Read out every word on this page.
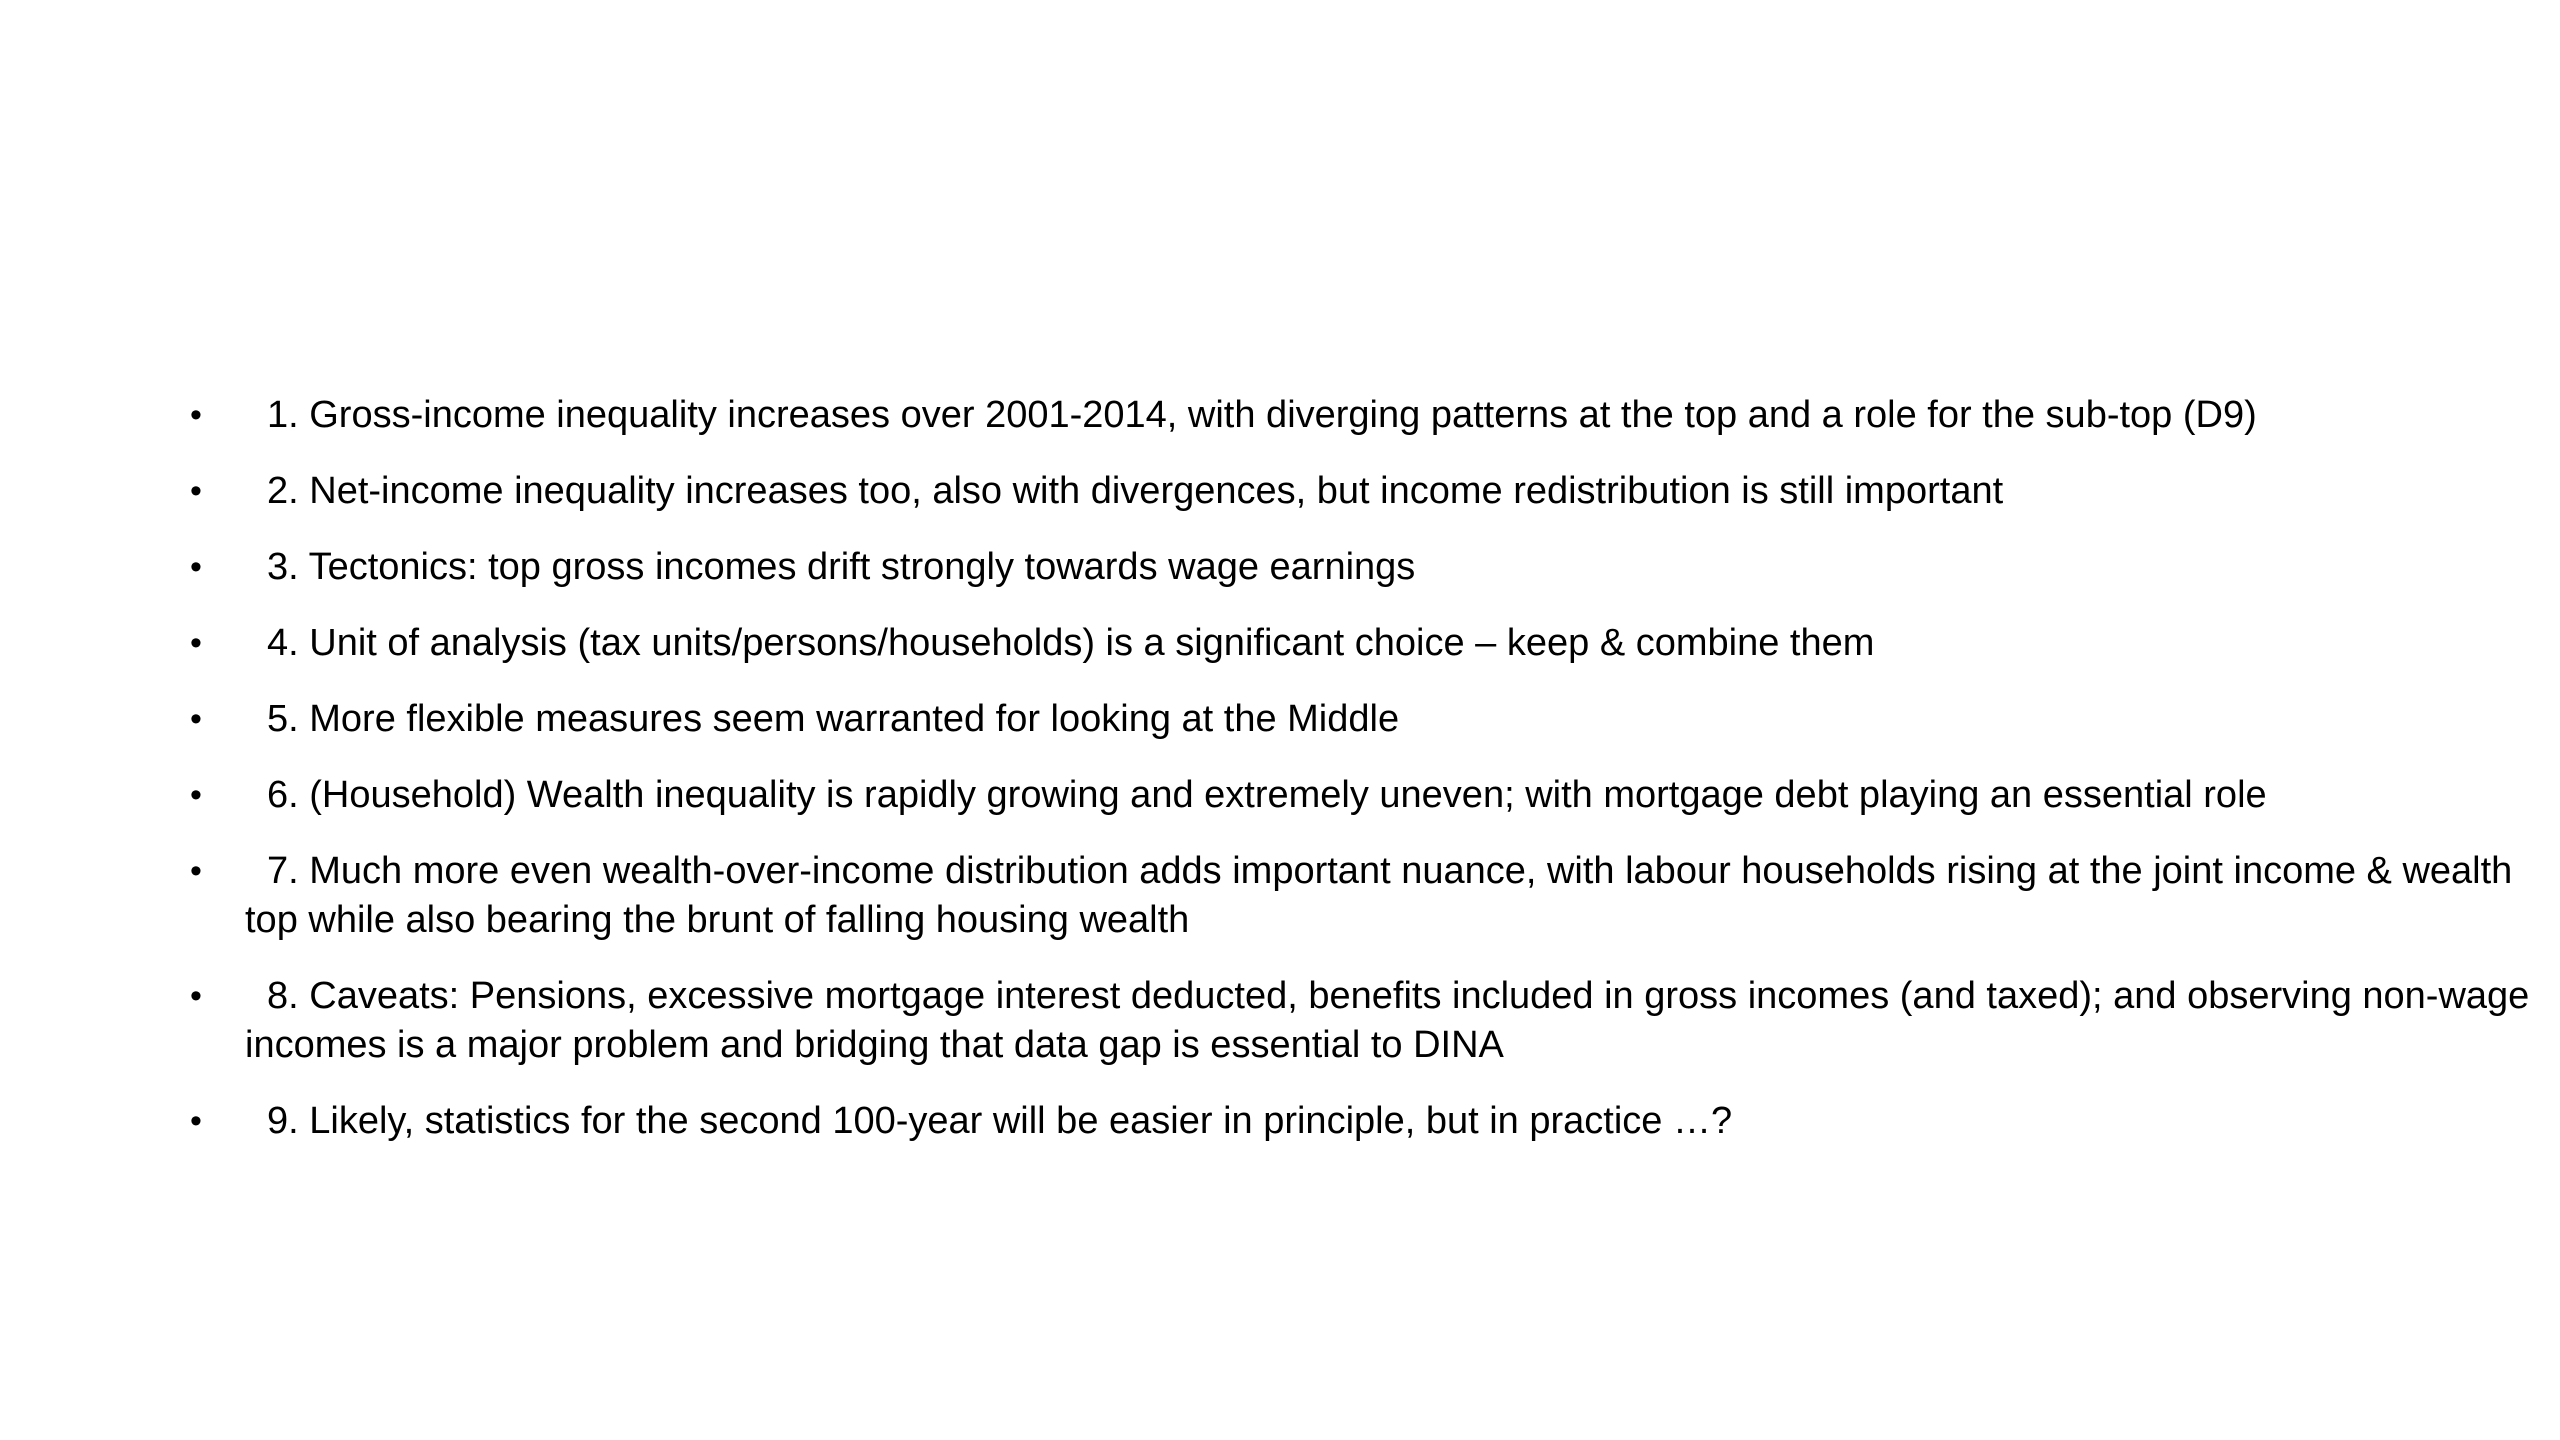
•	1. Gross-income inequality increases over 2001-2014, with diverging patterns at the top and a role for the sub-top (D9)
•	2. Net-income inequality increases too, also with divergences, but income redistribution is still important
•	3. Tectonics: top gross incomes drift strongly towards wage earnings
•	4. Unit of analysis (tax units/persons/households) is a significant choice – keep & combine them
•	5. More flexible measures seem warranted for looking at the Middle
•	6. (Household) Wealth inequality is rapidly growing and extremely uneven; with mortgage debt playing an essential role
•	7. Much more even wealth-over-income distribution adds important nuance, with labour households rising at the joint income & wealth top while also bearing the brunt of falling housing wealth
•	8. Caveats: Pensions, excessive mortgage interest deducted, benefits included in gross incomes (and taxed); and observing non-wage incomes is a major problem and bridging that data gap is essential to DINA
•	9. Likely, statistics for the second 100-year will be easier in principle, but in practice …?
